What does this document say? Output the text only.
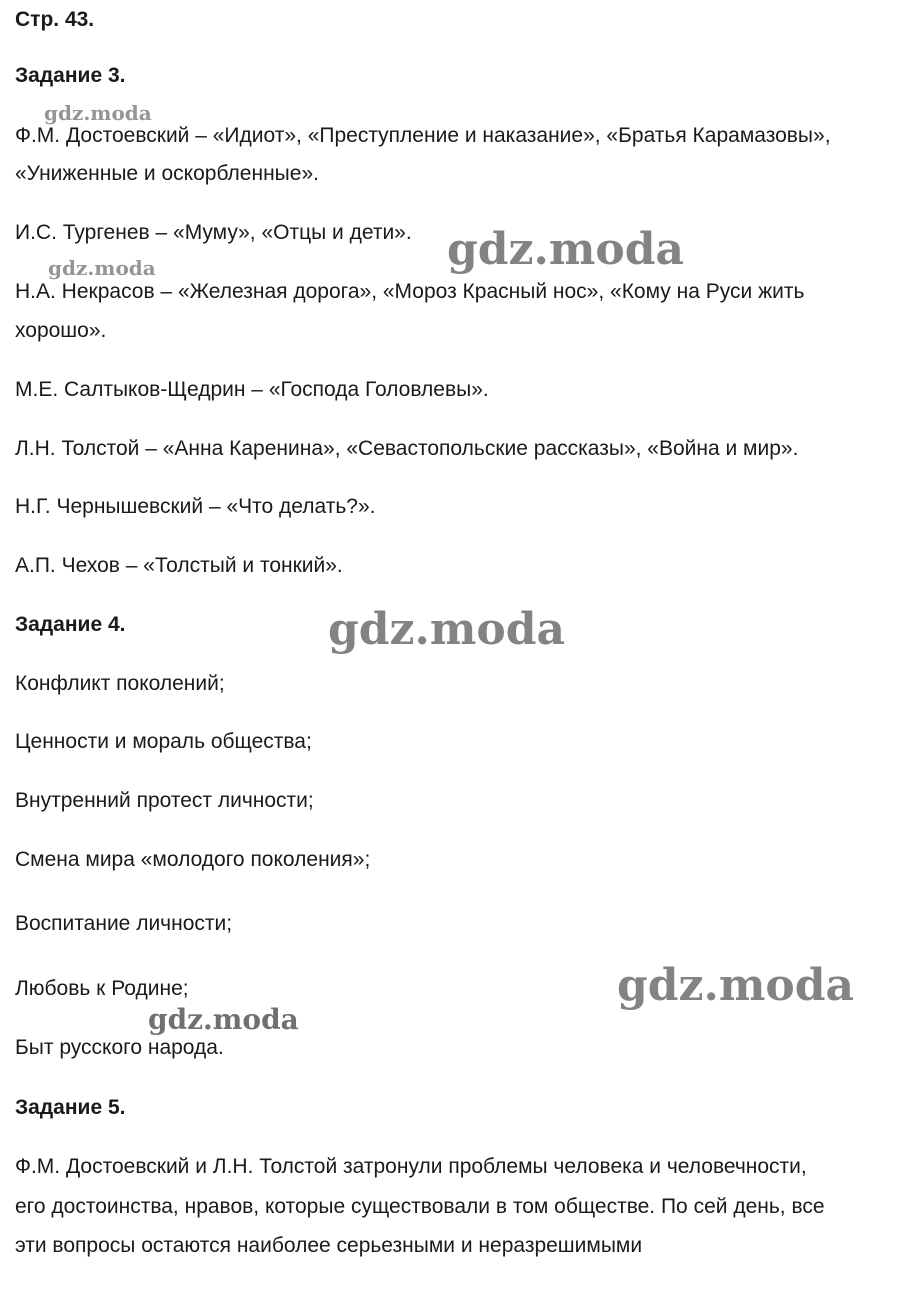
Стр. 43.
Задание 3.
Ф.М. Достоевский – «Идиот», «Преступление и наказание», «Братья Карамазовы»,
«Униженные и оскорбленные».
И.С. Тургенев – «Муму», «Отцы и дети».
Н.А. Некрасов – «Железная дорога», «Мороз Красный нос», «Кому на Руси жить
хорошо».
М.Е. Салтыков-Щедрин – «Господа Головлевы».
Л.Н. Толстой – «Анна Каренина», «Севастопольские рассказы», «Война и мир».
Н.Г. Чернышевский – «Что делать?».
А.П. Чехов – «Толстый и тонкий».
Задание 4.
Конфликт поколений;
Ценности и мораль общества;
Внутренний протест личности;
Смена мира «молодого поколения»;
Воспитание личности;
Любовь к Родине;
Быт русского народа.
Задание 5.
Ф.М. Достоевский и Л.Н. Толстой затронули проблемы человека и человечности,
его достоинства, нравов, которые существовали в том обществе. По сей день, все
эти вопросы остаются наиболее серьезными и неразрешимыми
gdz.moda
gdz.moda
gdz.moda
gdz.moda
gdz.moda
gdz.moda
